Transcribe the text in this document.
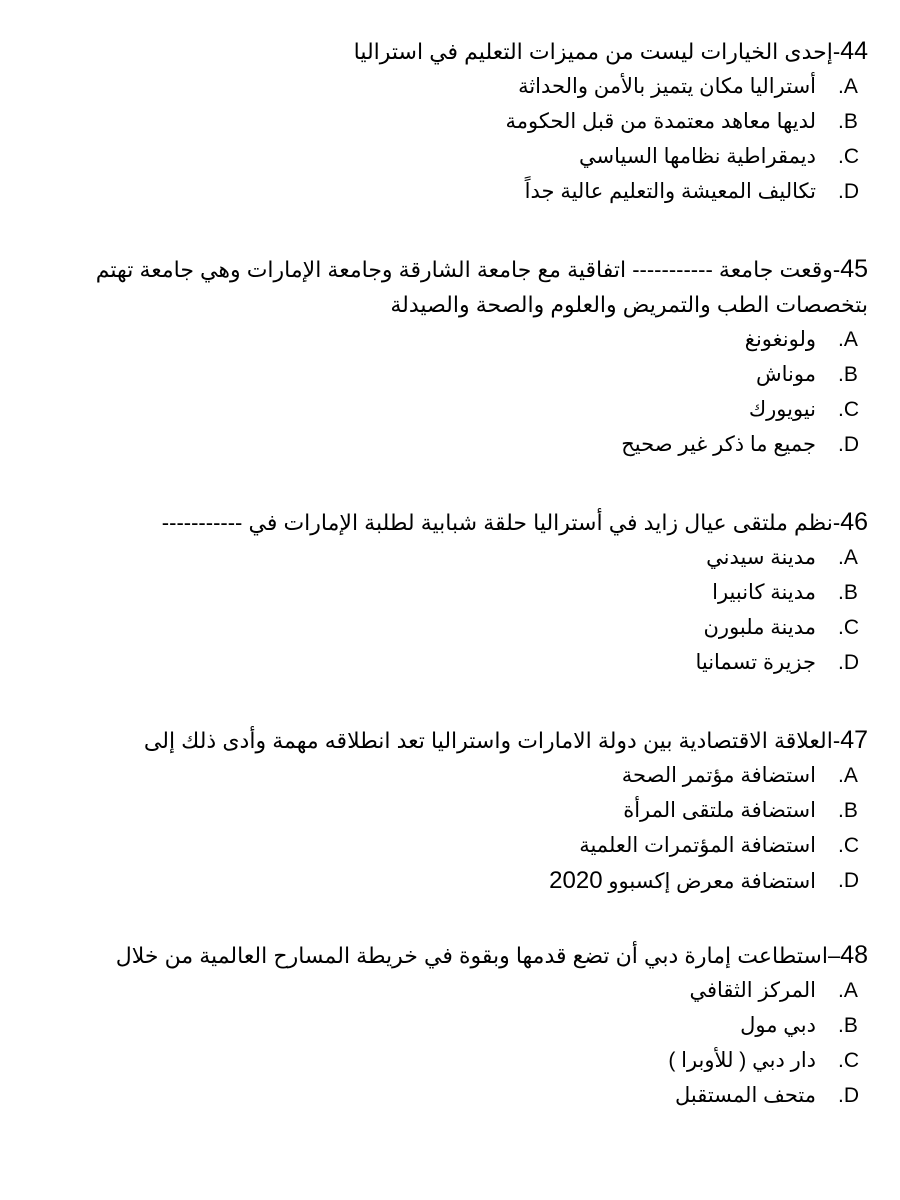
44-إحدى الخيارات ليست من مميزات التعليم في استراليا

.A
أستراليا مكان يتميز بالأمن والحداثة
.B
لديها معاهد معتمدة من قبل الحكومة
.C
ديمقراطية نظامها السياسي
.D
تكاليف المعيشة والتعليم عالية جداً

45-وقعت جامعة ----------- اتفاقية مع جامعة الشارقة وجامعة الإمارات وهي جامعة تهتم بتخصصات الطب والتمريض والعلوم والصحة والصيدلة

.A
ولونغونغ
.B
موناش
.C
نيويورك
.D
جميع ما ذكر غير صحيح

46-نظم ملتقى عيال زايد في أستراليا حلقة شبابية لطلبة الإمارات في -----------

.A
مدينة سيدني
.B
مدينة كانبيرا
.C
مدينة ملبورن
.D
جزيرة تسمانيا

47-العلاقة الاقتصادية بين دولة الامارات واستراليا تعد انطلاقه مهمة وأدى ذلك إلى

.A
استضافة مؤتمر الصحة
.B
استضافة ملتقى المرأة
.C
استضافة المؤتمرات العلمية
.D
استضافة معرض إكسبوو 2020

48–استطاعت إمارة دبي أن تضع قدمها وبقوة في خريطة المسارح العالمية من خلال

.A
المركز الثقافي
.B
دبي مول
.C
دار دبي ( للأوبرا )
.D
متحف المستقبل
